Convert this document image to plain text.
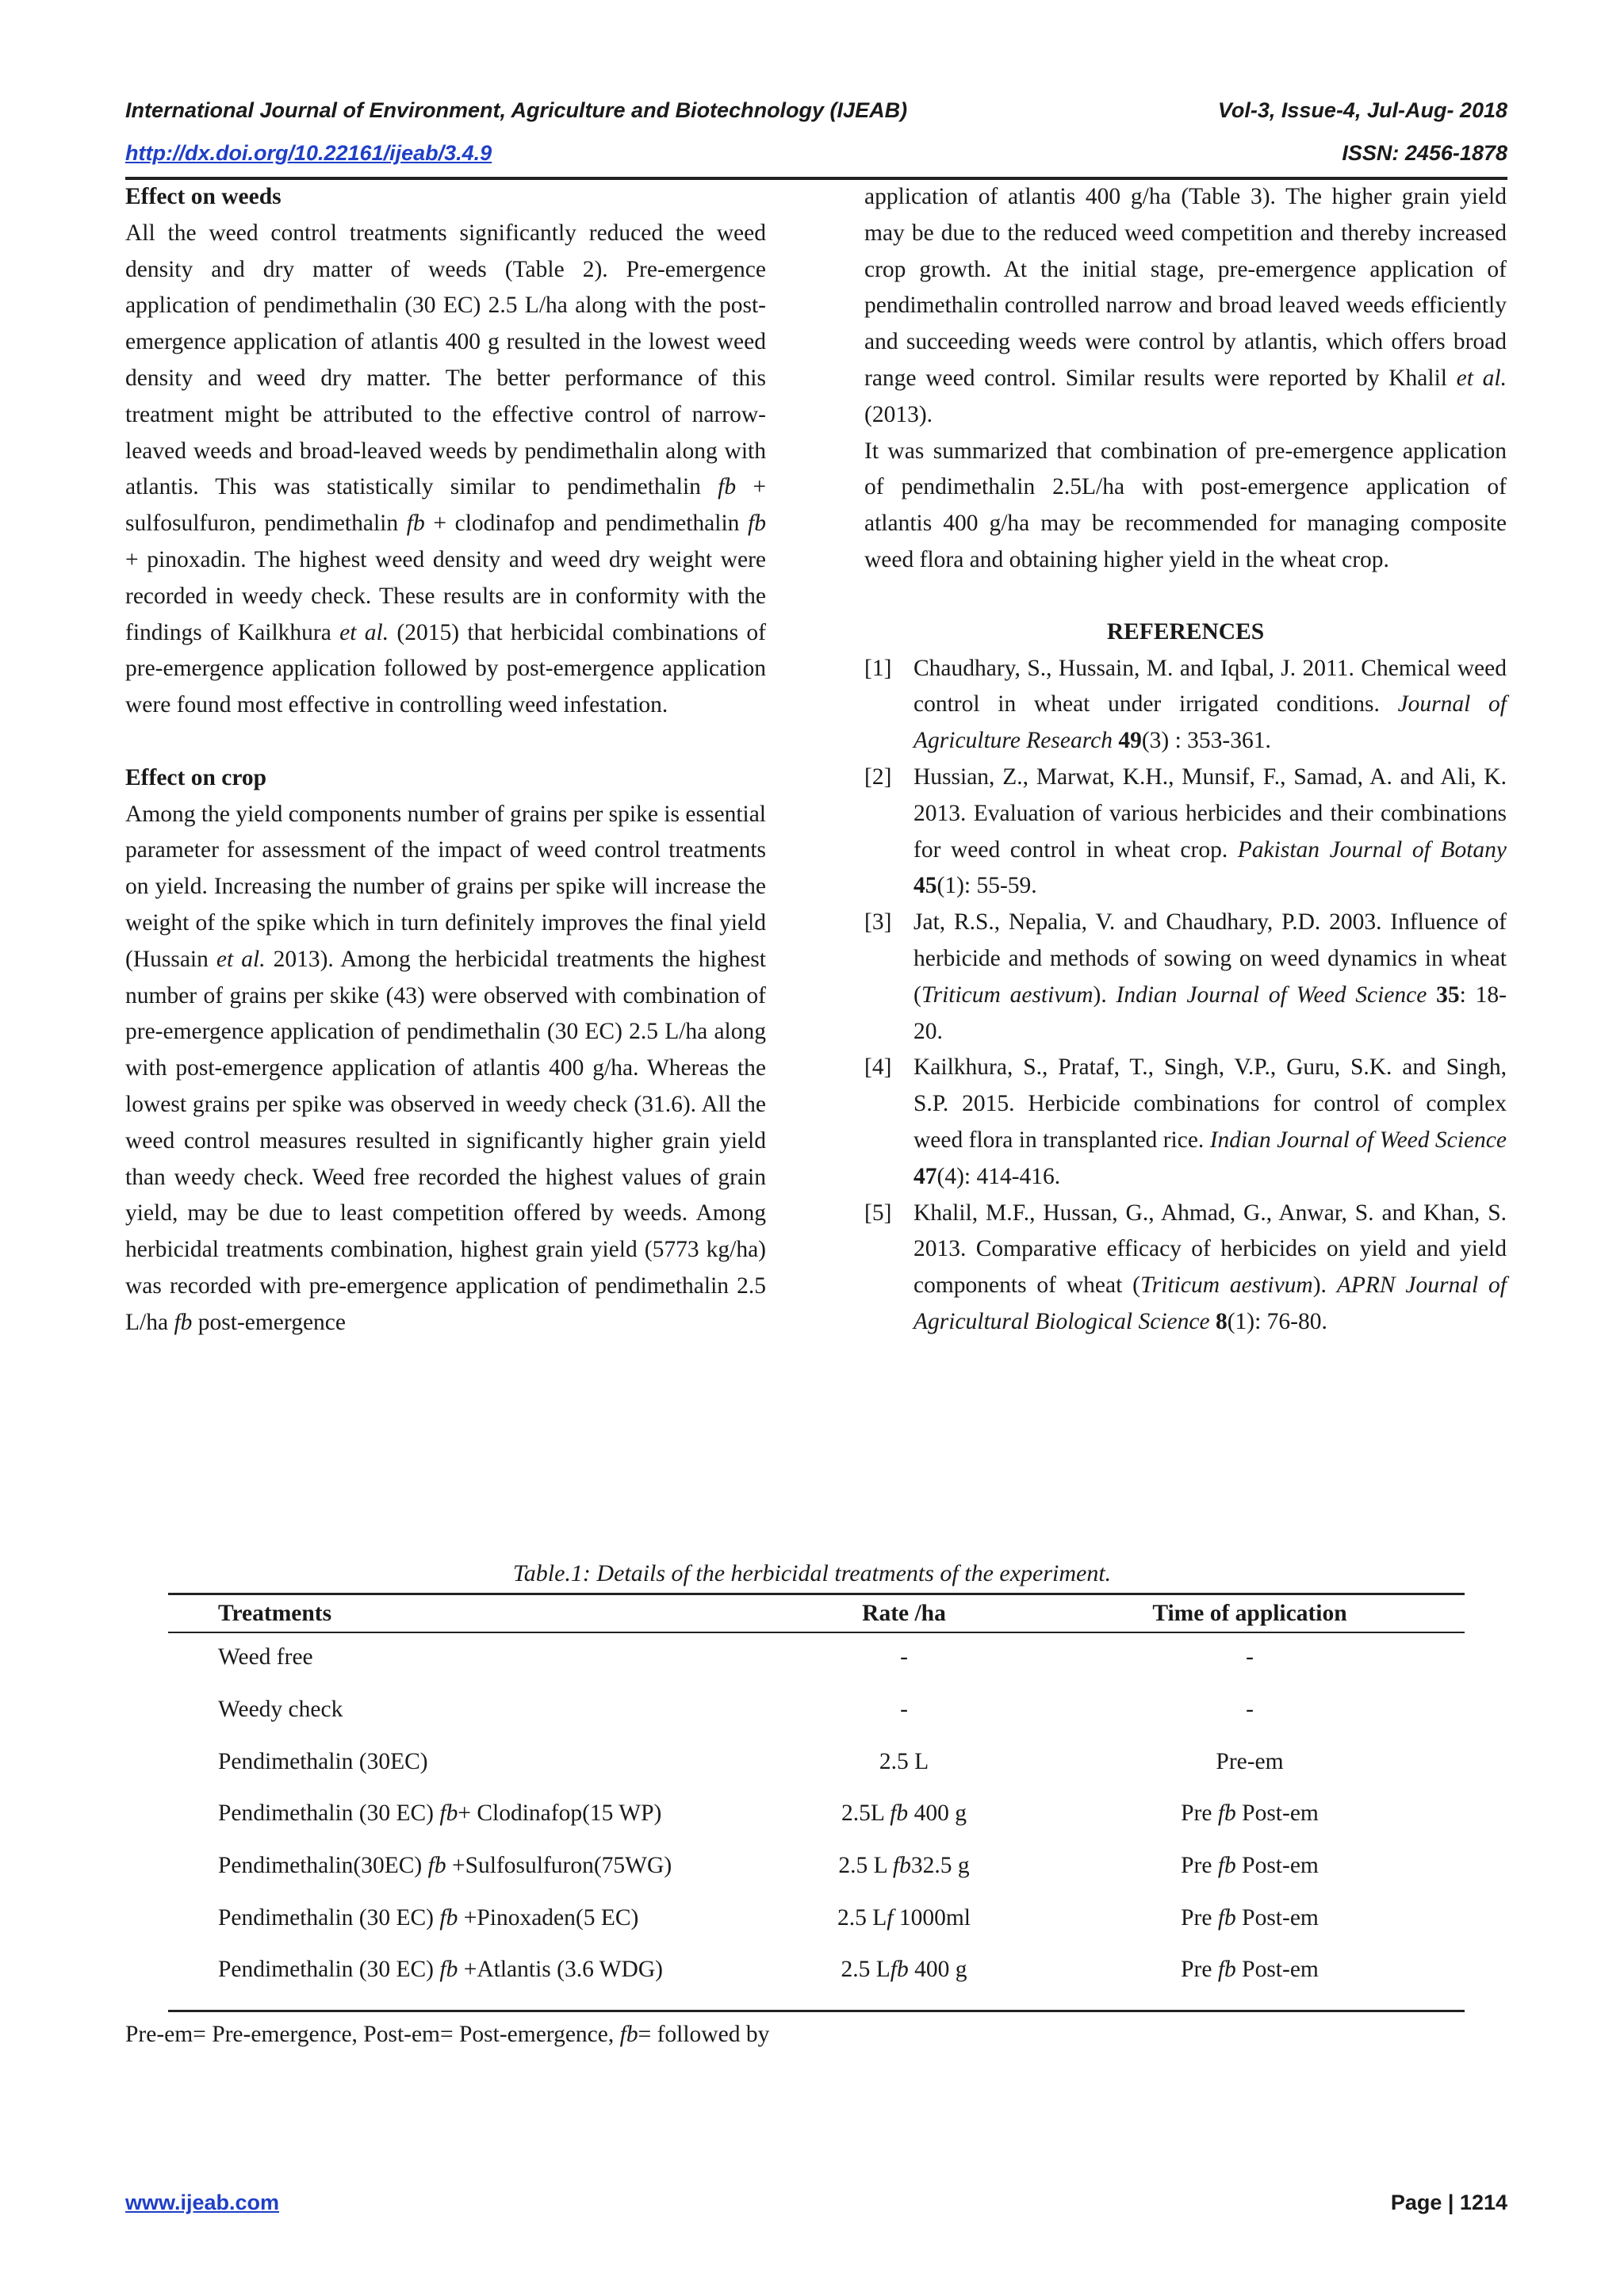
International Journal of Environment, Agriculture and Biotechnology (IJEAB)	Vol-3, Issue-4, Jul-Aug- 2018
http://dx.doi.org/10.22161/ijeab/3.4.9	ISSN: 2456-1878

Effect on weeds

All the weed control treatments significantly reduced the weed density and dry matter of weeds (Table 2). Pre-emergence application of pendimethalin (30 EC) 2.5 L/ha along with the post-emergence application of atlantis 400 g resulted in the lowest weed density and weed dry matter. The better performance of this treatment might be attributed to the effective control of narrow-leaved weeds and broad-leaved weeds by pendimethalin along with atlantis. This was statistically similar to pendimethalin fb + sulfosulfuron, pendimethalin fb + clodinafop and pendimethalin fb + pinoxadin. The highest weed density and weed dry weight were recorded in weedy check. These results are in conformity with the findings of Kailkhura et al. (2015) that herbicidal combinations of pre-emergence application followed by post-emergence application were found most effective in controlling weed infestation.

Effect on crop

Among the yield components number of grains per spike is essential parameter for assessment of the impact of weed control treatments on yield. Increasing the number of grains per spike will increase the weight of the spike which in turn definitely improves the final yield (Hussain et al. 2013). Among the herbicidal treatments the highest number of grains per skike (43) were observed with combination of pre-emergence application of pendimethalin (30 EC) 2.5 L/ha along with post-emergence application of atlantis 400 g/ha. Whereas the lowest grains per spike was observed in weedy check (31.6). All the weed control measures resulted in significantly higher grain yield than weedy check. Weed free recorded the highest values of grain yield, may be due to least competition offered by weeds. Among herbicidal treatments combination, highest grain yield (5773 kg/ha) was recorded with pre-emergence application of pendimethalin 2.5 L/ha fb post-emergence

application of atlantis 400 g/ha (Table 3). The higher grain yield may be due to the reduced weed competition and thereby increased crop growth. At the initial stage, pre-emergence application of pendimethalin controlled narrow and broad leaved weeds efficiently and succeeding weeds were control by atlantis, which offers broad range weed control. Similar results were reported by Khalil et al. (2013).

It was summarized that combination of pre-emergence application of pendimethalin 2.5L/ha with post-emergence application of atlantis 400 g/ha may be recommended for managing composite weed flora and obtaining higher yield in the wheat crop.

REFERENCES

[1] Chaudhary, S., Hussain, M. and Iqbal, J. 2011. Chemical weed control in wheat under irrigated conditions. Journal of Agriculture Research 49(3) : 353-361.
[2] Hussian, Z., Marwat, K.H., Munsif, F., Samad, A. and Ali, K. 2013. Evaluation of various herbicides and their combinations for weed control in wheat crop. Pakistan Journal of Botany 45(1): 55-59.
[3] Jat, R.S., Nepalia, V. and Chaudhary, P.D. 2003. Influence of herbicide and methods of sowing on weed dynamics in wheat (Triticum aestivum). Indian Journal of Weed Science 35: 18-20.
[4] Kailkhura, S., Prataf, T., Singh, V.P., Guru, S.K. and Singh, S.P. 2015. Herbicide combinations for control of complex weed flora in transplanted rice. Indian Journal of Weed Science 47(4): 414-416.
[5] Khalil, M.F., Hussan, G., Ahmad, G., Anwar, S. and Khan, S. 2013. Comparative efficacy of herbicides on yield and yield components of wheat (Triticum aestivum). APRN Journal of Agricultural Biological Science 8(1): 76-80.
Table.1: Details of the herbicidal treatments of the experiment.
Treatments	Rate /ha	Time of application
Weed free	-	-
Weedy check	-	-
Pendimethalin (30EC)	2.5 L	Pre-em
Pendimethalin (30 EC) fb+ Clodinafop(15 WP)	2.5L fb 400 g	Pre fb Post-em
Pendimethalin(30EC) fb +Sulfosulfuron(75WG)	2.5 L fb32.5 g	Pre fb Post-em
Pendimethalin (30 EC) fb +Pinoxaden(5 EC)	2.5 Lf 1000ml	Pre fb Post-em
Pendimethalin (30 EC) fb +Atlantis (3.6 WDG)	2.5 Lfb 400 g	Pre fb Post-em
Pre-em= Pre-emergence, Post-em= Post-emergence, fb= followed by
www.ijeab.com	Page | 1214
